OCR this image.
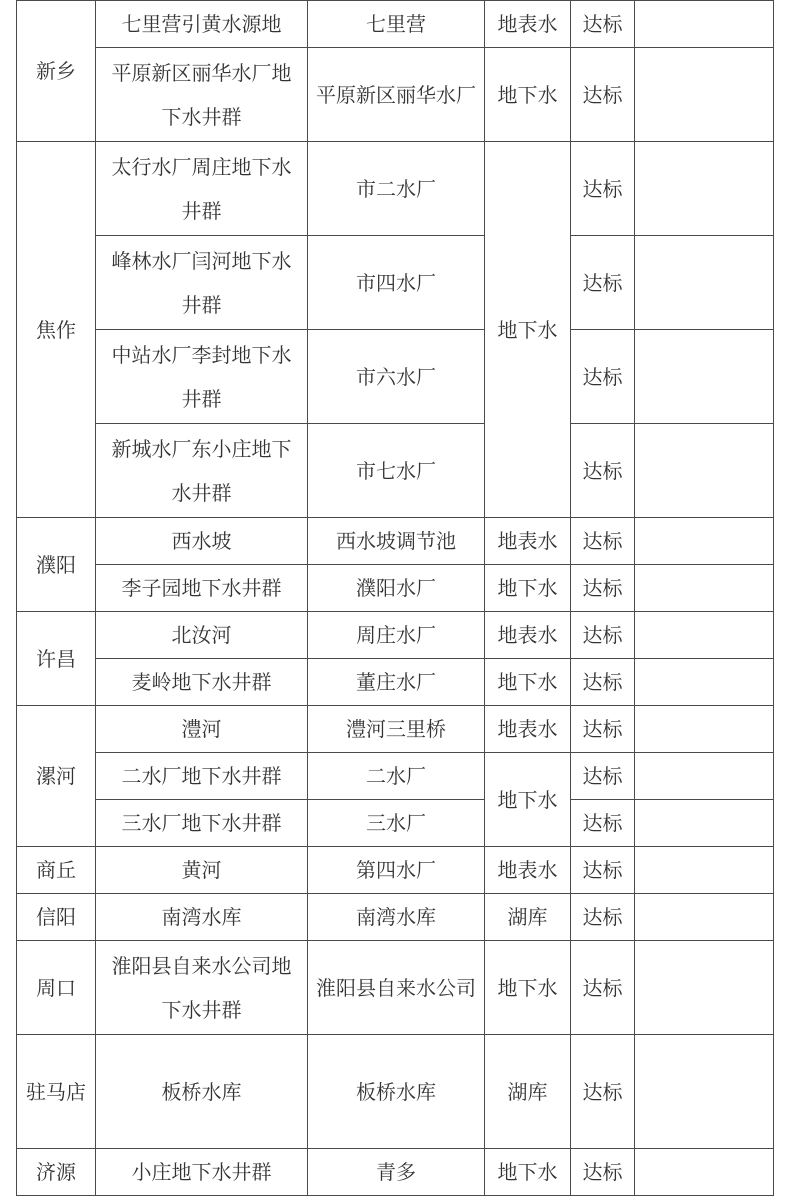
新乡	七里营引黄水源地	七里营	地表水	达标	
	平原新区丽华水厂地下水井群	平原新区丽华水厂	地下水	达标	
焦作	太行水厂周庄地下水井群	市二水厂	地下水	达标	
	峰林水厂闫河地下水井群	市四水厂		达标	
	中站水厂李封地下水井群	市六水厂		达标	
	新城水厂东小庄地下水井群	市七水厂		达标	
濮阳	西水坡	西水坡调节池	地表水	达标	
	李子园地下水井群	濮阳水厂	地下水	达标	
许昌	北汝河	周庄水厂	地表水	达标	
	麦岭地下水井群	董庄水厂	地下水	达标	
漯河	澧河	澧河三里桥	地表水	达标	
	二水厂地下水井群	二水厂	地下水	达标	
	三水厂地下水井群	三水厂		达标	
商丘	黄河	第四水厂	地表水	达标	
信阳	南湾水库	南湾水库	湖库	达标	
周口	淮阳县自来水公司地下水井群	淮阳县自来水公司	地下水	达标	
驻马店	板桥水库	板桥水库	湖库	达标	
济源	小庄地下水井群	青多	地下水	达标	
